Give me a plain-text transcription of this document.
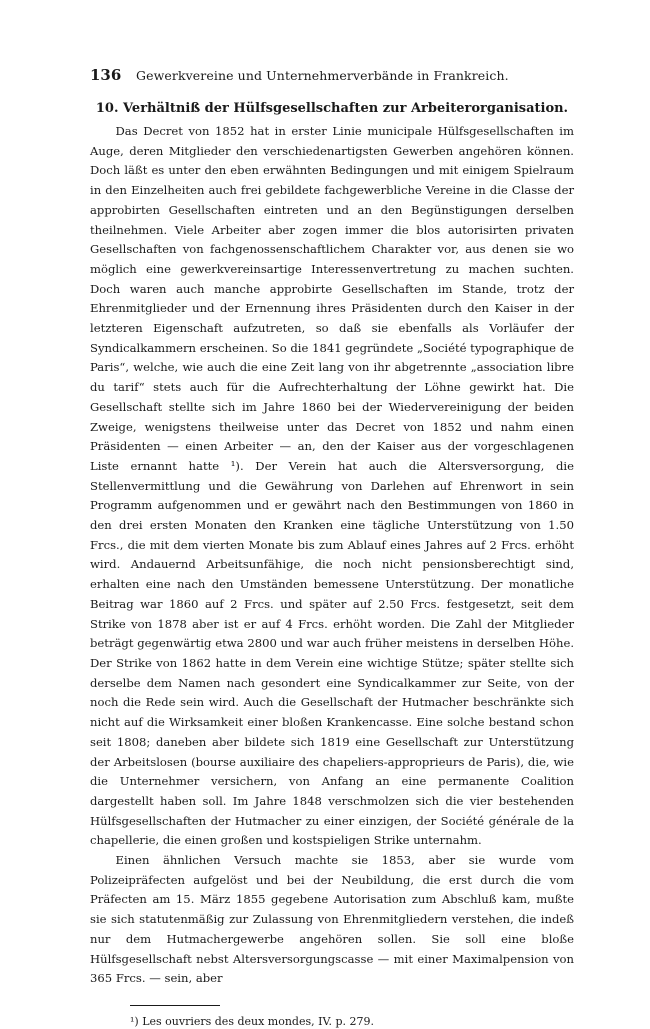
136	Gewerkvereine und Unternehmerverbände in Frankreich.
10. Verhältniß der Hülfsgesellschaften zur Arbeiterorganisation.

Das Decret von 1852 hat in erster Linie municipale Hülfsgesellschaften im Auge, deren Mitglieder den verschiedenartigsten Gewerben angehören können. Doch läßt es unter den eben erwähnten Bedingungen und mit einigem Spielraum in den Einzelheiten auch frei gebildete fachgewerbliche Vereine in die Classe der approbirten Gesellschaften eintreten und an den Begünstigungen derselben theilnehmen. Viele Arbeiter aber zogen immer die blos autorisirten privaten Gesellschaften von fachgenossenschaftlichem Charakter vor, aus denen sie wo möglich eine gewerkvereinsartige Interessenvertretung zu machen suchten. Doch waren auch manche approbirte Gesellschaften im Stande, trotz der Ehrenmitglieder und der Ernennung ihres Präsidenten durch den Kaiser in der letzteren Eigenschaft aufzutreten, so daß sie ebenfalls als Vorläufer der Syndicalkammern erscheinen. So die 1841 gegründete „Société typographique de Paris“, welche, wie auch die eine Zeit lang von ihr abgetrennte „association libre du tarif“ stets auch für die Aufrechterhaltung der Löhne gewirkt hat. Die Gesellschaft stellte sich im Jahre 1860 bei der Wiedervereinigung der beiden Zweige, wenigstens theilweise unter das Decret von 1852 und nahm einen Präsidenten — einen Arbeiter — an, den der Kaiser aus der vorgeschlagenen Liste ernannt hatte ¹). Der Verein hat auch die Altersversorgung, die Stellenvermittlung und die Gewährung von Darlehen auf Ehrenwort in sein Programm aufgenommen und er gewährt nach den Bestimmungen von 1860 in den drei ersten Monaten den Kranken eine tägliche Unterstützung von 1.50 Frcs., die mit dem vierten Monate bis zum Ablauf eines Jahres auf 2 Frcs. erhöht wird. Andauernd Arbeitsunfähige, die noch nicht pensionsberechtigt sind, erhalten eine nach den Umständen bemessene Unterstützung. Der monatliche Beitrag war 1860 auf 2 Frcs. und später auf 2.50 Frcs. festgesetzt, seit dem Strike von 1878 aber ist er auf 4 Frcs. erhöht worden. Die Zahl der Mitglieder beträgt gegenwärtig etwa 2800 und war auch früher meistens in derselben Höhe. Der Strike von 1862 hatte in dem Verein eine wichtige Stütze; später stellte sich derselbe dem Namen nach gesondert eine Syndicalkammer zur Seite, von der noch die Rede sein wird. Auch die Gesellschaft der Hutmacher beschränkte sich nicht auf die Wirksamkeit einer bloßen Krankencasse. Eine solche bestand schon seit 1808; daneben aber bildete sich 1819 eine Gesellschaft zur Unterstützung der Arbeitslosen (bourse auxiliaire des chapeliers-approprieurs de Paris), die, wie die Unternehmer versichern, von Anfang an eine permanente Coalition dargestellt haben soll. Im Jahre 1848 verschmolzen sich die vier bestehenden Hülfsgesellschaften der Hutmacher zu einer einzigen, der Société générale de la chapellerie, die einen großen und kostspieligen Strike unternahm.

Einen ähnlichen Versuch machte sie 1853, aber sie wurde vom Polizeipräfecten aufgelöst und bei der Neubildung, die erst durch die vom Präfecten am 15. März 1855 gegebene Autorisation zum Abschluß kam, mußte sie sich statutenmäßig zur Zulassung von Ehrenmitgliedern verstehen, die indeß nur dem Hutmachergewerbe angehören sollen. Sie soll eine bloße Hülfsgesellschaft nebst Altersversorgungscasse — mit einer Maximalpension von 365 Frcs. — sein, aber

¹) Les ouvriers des deux mondes, IV. p. 279.
